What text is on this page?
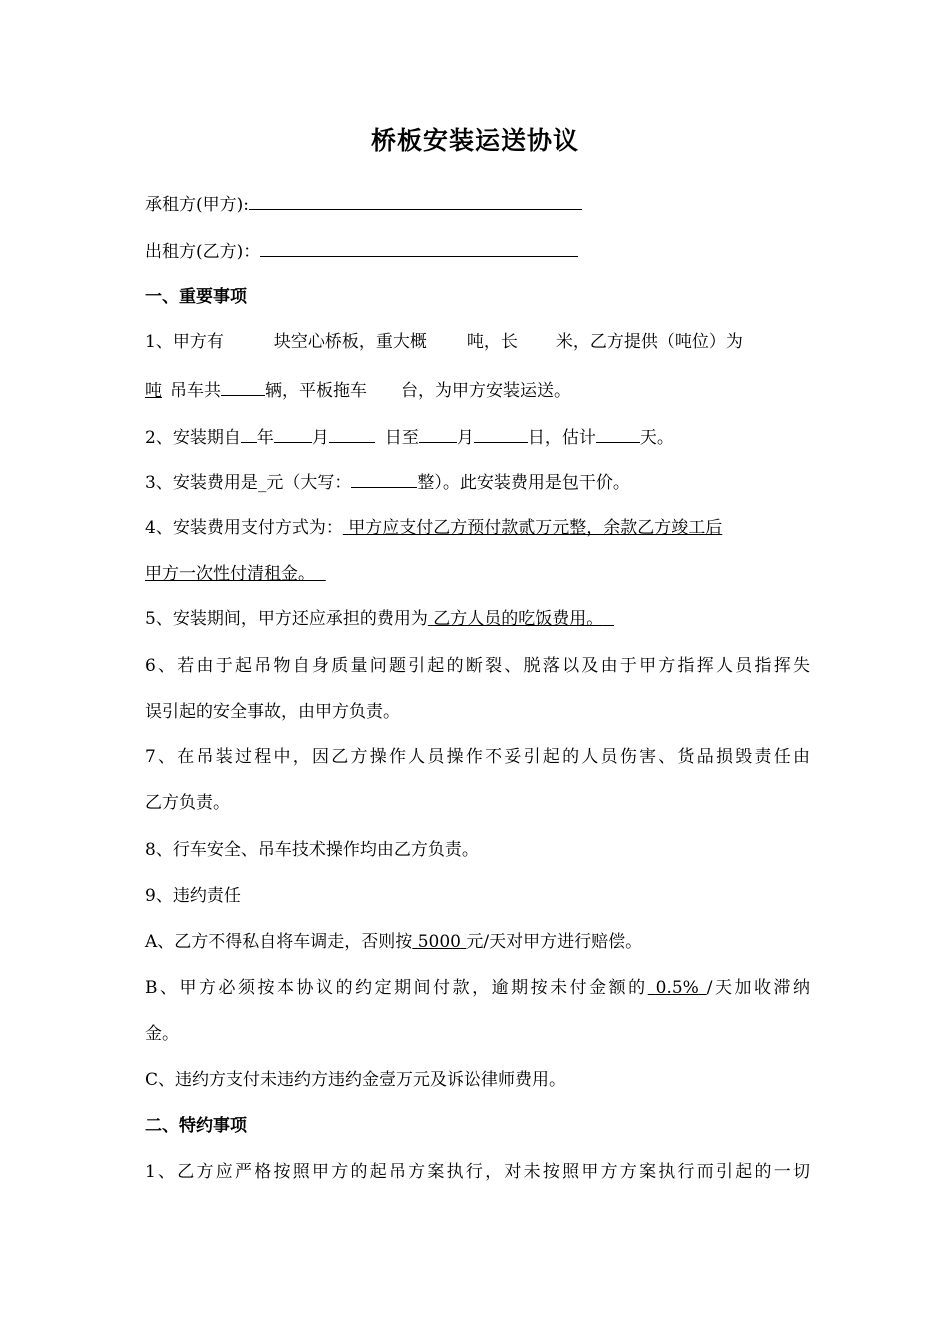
桥板安装运送协议
承租方(甲方):
出租方(乙方)：
一、重要事项
1、甲方有	块空心桥板，重大概 吨，长 米，乙方提供（吨位）为
吨 吊车共	辆，平板拖车 台，为甲方安装运送。
2、安装期自 年 月	日至 月	日，估计	天。
3、安装费用是_元（大写：	整）。此安装费用是包干价。
4、安装费用支付方式为： 甲方应支付乙方预付款贰万元整，余款乙方竣工后
甲方一次性付清租金。
5、安装期间，甲方还应承担的费用为 乙方人员的吃饭费用。
6、若由于起吊物自身质量问题引起的断裂、脱落以及由于甲方指挥人员指挥失
误引起的安全事故，由甲方负责。
7、在吊装过程中，因乙方操作人员操作不妥引起的人员伤害、货品损毁责任由
乙方负责。
8、行车安全、吊车技术操作均由乙方负责。
9、违约责任
A、乙方不得私自将车调走，否则按 5000 元/天对甲方进行赔偿。
B、甲方必须按本协议的约定期间付款，逾期按未付金额的 0.5% /天加收滞纳
金。
C、违约方支付未违约方违约金壹万元及诉讼律师费用。
二、特约事项
1、乙方应严格按照甲方的起吊方案执行，对未按照甲方方案执行而引起的一切
